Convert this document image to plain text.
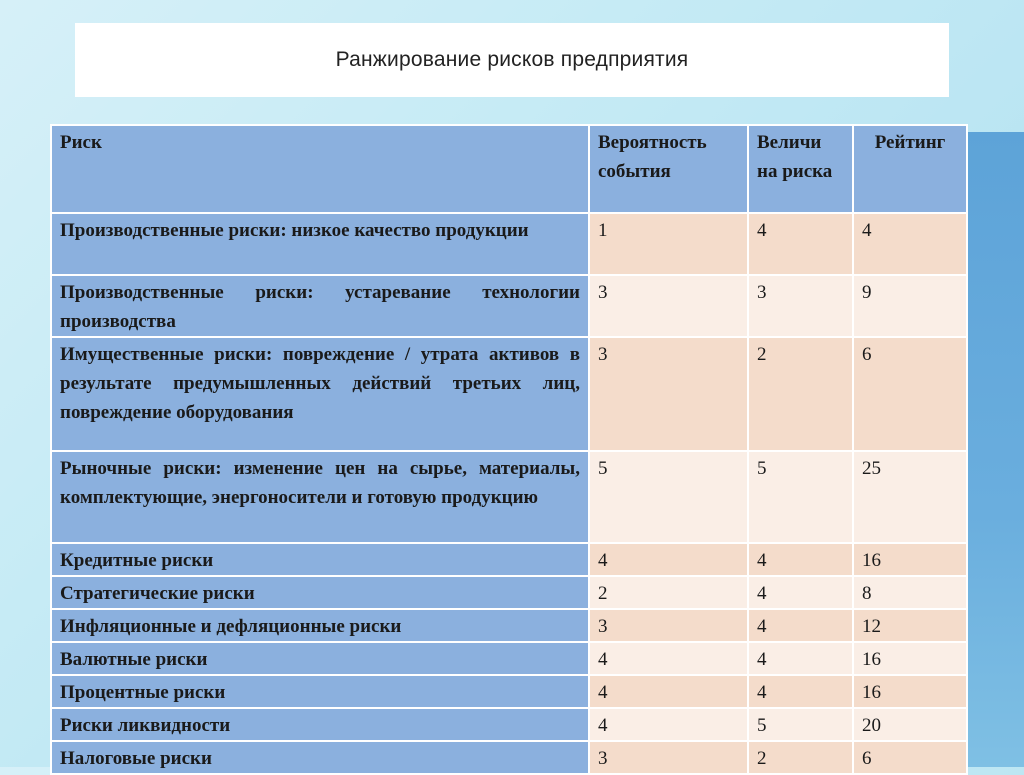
Ранжирование рисков предприятия
Риск	Вероятность события	Величи на риска	Рейтинг
Производственные риски: низкое качество продукции	1	4	4
Производственные риски: устаревание технологии производства	3	3	9
Имущественные риски: повреждение / утрата активов в результате предумышленных действий третьих лиц, повреждение оборудования	3	2	6
Рыночные риски: изменение цен на сырье, материалы, комплектующие, энергоносители и готовую продукцию	5	5	25
Кредитные риски	4	4	16
Стратегические риски	2	4	8
Инфляционные и дефляционные риски	3	4	12
Валютные риски	4	4	16
Процентные риски	4	4	16
Риски ликвидности	4	5	20
Налоговые риски	3	2	6
